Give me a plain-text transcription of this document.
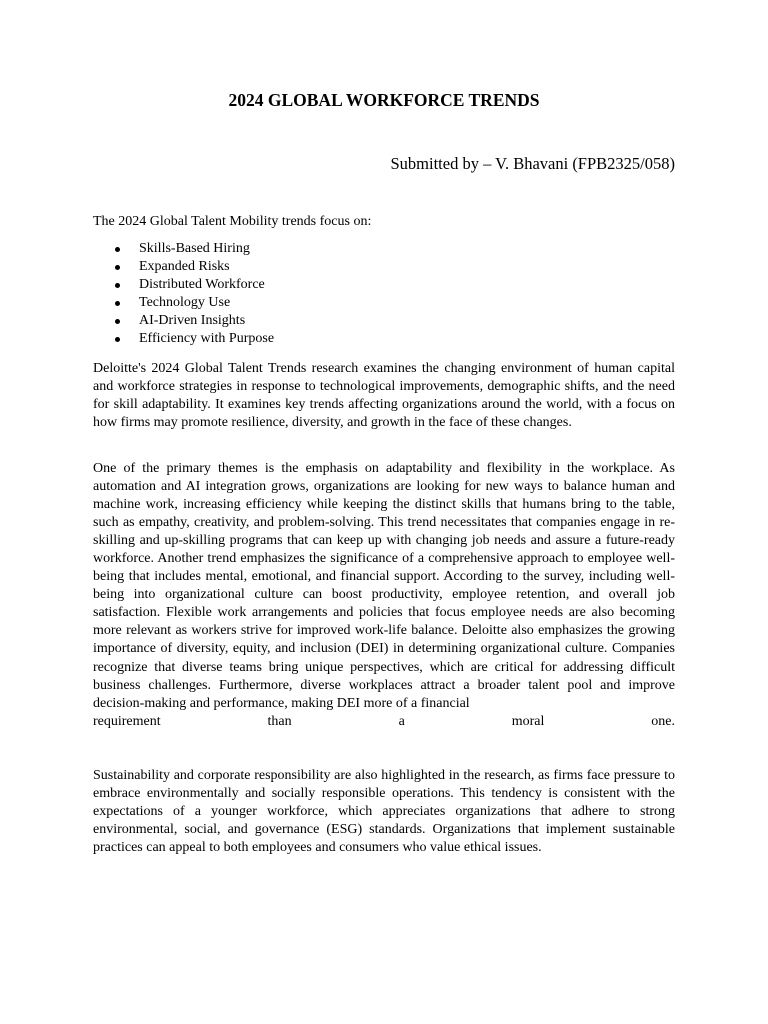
2024 GLOBAL WORKFORCE TRENDS
Submitted by – V. Bhavani (FPB2325/058)
The 2024 Global Talent Mobility trends focus on:
Skills-Based Hiring
Expanded Risks
Distributed Workforce
Technology Use
AI-Driven Insights
Efficiency with Purpose

Deloitte's 2024 Global Talent Trends research examines the changing environment of human capital and workforce strategies in response to technological improvements, demographic shifts, and the need for skill adaptability. It examines key trends affecting organizations around the world, with a focus on how firms may promote resilience, diversity, and growth in the face of these changes.

One of the primary themes is the emphasis on adaptability and flexibility in the workplace. As automation and AI integration grows, organizations are looking for new ways to balance human and machine work, increasing efficiency while keeping the distinct skills that humans bring to the table, such as empathy, creativity, and problem-solving. This trend necessitates that companies engage in re-skilling and up-skilling programs that can keep up with changing job needs and assure a future-ready workforce. Another trend emphasizes the significance of a comprehensive approach to employee well-being that includes mental, emotional, and financial support. According to the survey, including well-being into organizational culture can boost productivity, employee retention, and overall job satisfaction. Flexible work arrangements and policies that focus employee needs are also becoming more relevant as workers strive for improved work-life balance. Deloitte also emphasizes the growing importance of diversity, equity, and inclusion (DEI) in determining organizational culture. Companies recognize that diverse teams bring unique perspectives, which are critical for addressing difficult business challenges. Furthermore, diverse workplaces attract a broader talent pool and improve decision-making and performance, making DEI more of a financial
requirement	than	a	moral	one.

Sustainability and corporate responsibility are also highlighted in the research, as firms face pressure to embrace environmentally and socially responsible operations. This tendency is consistent with the expectations of a younger workforce, which appreciates organizations that adhere to strong environmental, social, and governance (ESG) standards. Organizations that implement sustainable practices can appeal to both employees and consumers who value ethical issues.
